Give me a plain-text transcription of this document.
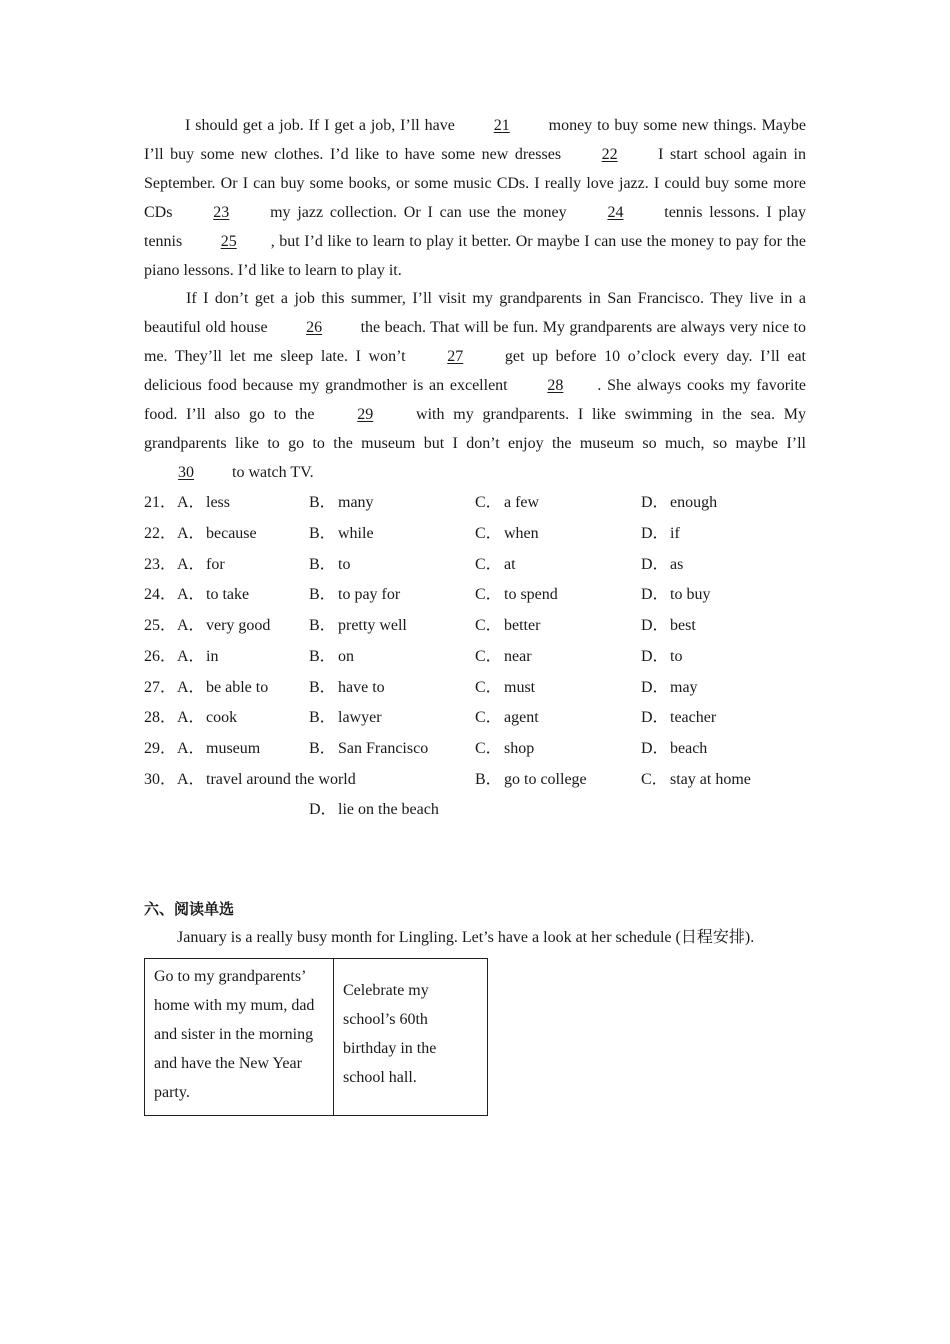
I should get a job. If I get a job, I’ll have 21 money to buy some new things. Maybe I’ll buy some new clothes. I’d like to have some new dresses 22 I start school again in September. Or I can buy some books, or some music CDs. I really love jazz. I could buy some more CDs 23 my jazz collection. Or I can use the money 24 tennis lessons. I play tennis 25 , but I’d like to learn to play it better. Or maybe I can use the money to pay for the piano lessons. I’d like to learn to play it.
If I don’t get a job this summer, I’ll visit my grandparents in San Francisco. They live in a beautiful old house 26 the beach. That will be fun. My grandparents are always very nice to me. They’ll let me sleep late. I won’t 27 get up before 10 o’clock every day. I’ll eat delicious food because my grandmother is an excellent 28 . She always cooks my favorite food. I’ll also go to the 29 with my grandparents. I like swimming in the sea. My grandparents like to go to the museum but I don’t enjoy the museum so much, so maybe I’ll 30 to watch TV.
21． A．less	B． many	C． a few	D．enough
22． A．because	B． while	C． when	D．if
23． A．for	B． to	C． at	D．as
24． A．to take	B． to pay for	C． to spend	D．to buy
25． A．very good B． pretty well	C． better	D．best
26． A．in	B． on	C． near	D．to
27． A．be able to	B． have to	C． must	D．may
28． A．cook	B． lawyer	C． agent	D．teacher
29． A．museum	B． San Francisco	C． shop	D．beach
30． A．travel around the world	B． go to college	C． stay at home
D．lie on the beach
六、阅读单选
January is a really busy month for Lingling. Let’s have a look at her schedule (日程安排).
Go to my grandparents’ home with my mum, dad and sister in the morning and have the New Year party.	Celebrate my school’s 60th birthday in the school hall.
